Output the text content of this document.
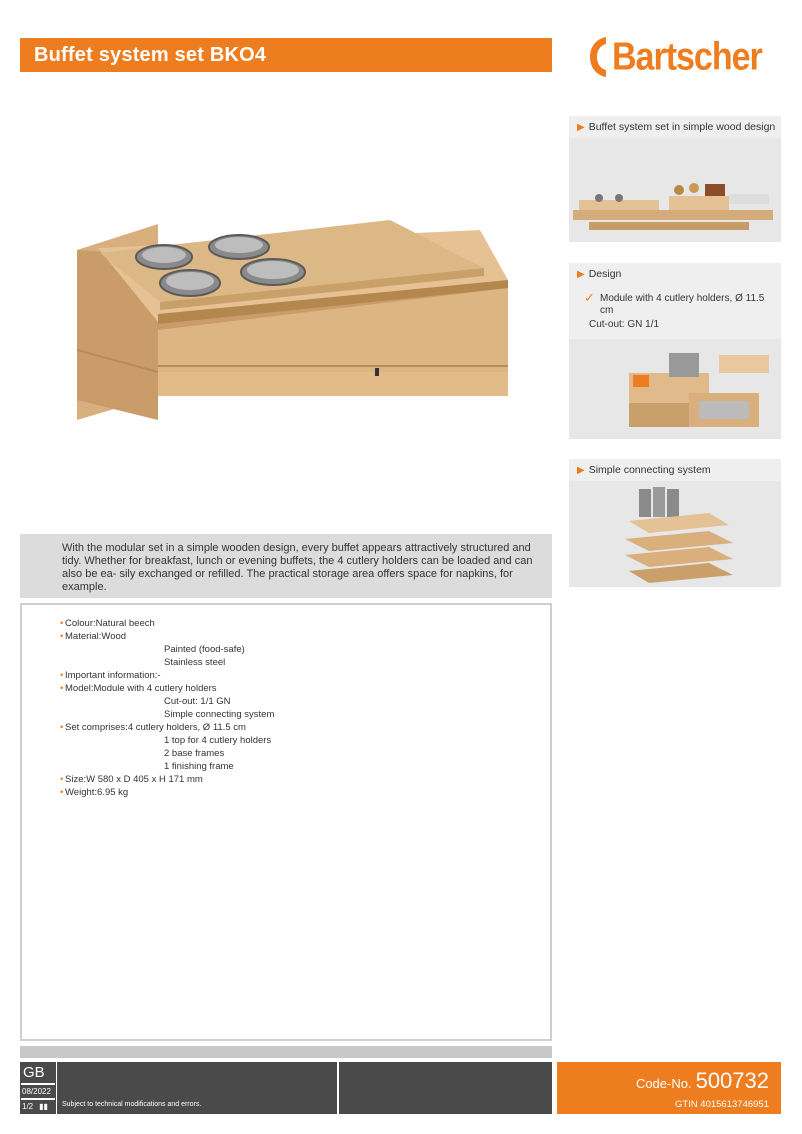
Buffet system set BKO4	Bartscher

With the modular set in a simple wooden design, every buffet appears attractively structured and tidy. Whether for breakfast, lunch or evening buffets, the 4 cutlery holders can be loaded and can also be ea- sily exchanged or refilled. The practical storage area offers space for napkins, for example.

• Colour:Natural beech
• Material:Wood
Painted (food-safe)
Stainless steel
• Important information:-
• Model:Module with 4 cutlery holders
Cut-out: 1/1 GN
Simple connecting system
• Set comprises:4 cutlery holders, Ø 11.5 cm
1 top for 4 cutlery holders
2 base frames
1 finishing frame
• Size:W 580 x D 405 x H 171 mm
• Weight:6.95 kg
▶ Buffet system set in simple wood design
▶ Design
✓ Module with 4 cutlery holders, Ø 11.5 cm
Cut-out: GN 1/1
▶ Simple connecting system
GB
08/2022
1/2 ▮▮	Subject to technical modifications and errors.
Code-No. 500732
GTIN 4015613746951
